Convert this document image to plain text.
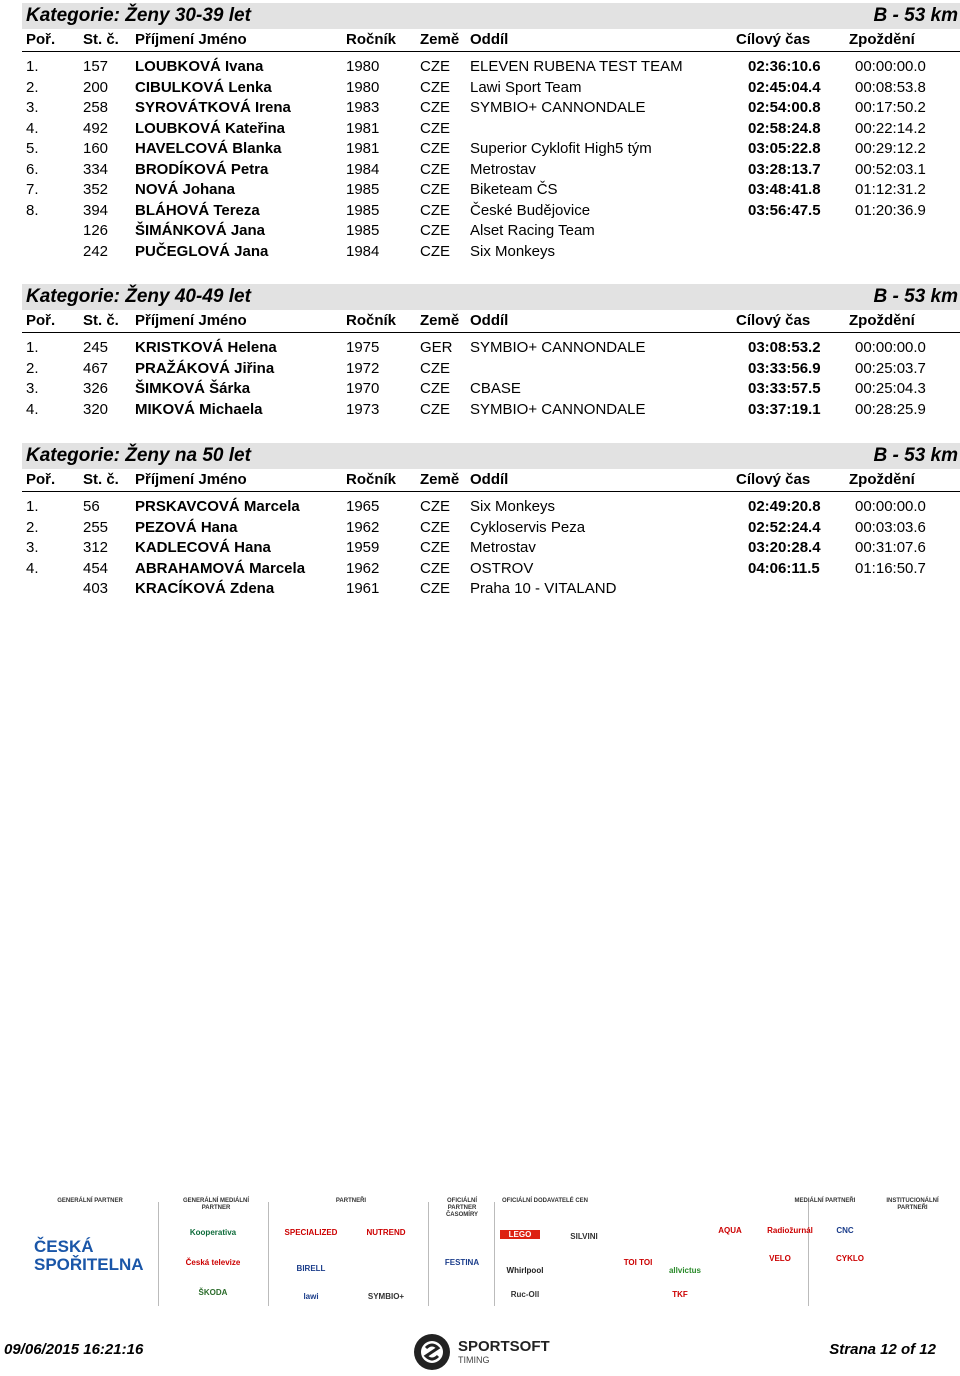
Kategorie: Ženy 30-39 let	B - 53 km
Poř. St. č. Příjmení Jméno	Ročník Země Oddíl	Cílový čas	Zpoždění
1.	157 LOUBKOVÁ Ivana	1980	CZE ELEVEN RUBENA TEST TEAM	02:36:10.6 00:00:00.0
2.	200 CIBULKOVÁ Lenka	1980	CZE Lawi Sport Team	02:45:04.4 00:08:53.8
3.	258 SYROVÁTKOVÁ Irena	1983	CZE SYMBIO+ CANNONDALE	02:54:00.8 00:17:50.2
4.	492 LOUBKOVÁ Kateřina	1981	CZE	02:58:24.8 00:22:14.2
5.	160 HAVELCOVÁ Blanka	1981	CZE Superior Cyklofit High5 tým	03:05:22.8 00:29:12.2
6.	334 BRODÍKOVÁ Petra	1984	CZE Metrostav	03:28:13.7 00:52:03.1
7.	352 NOVÁ Johana	1985	CZE Biketeam ČS	03:48:41.8 01:12:31.2
8.	394 BLÁHOVÁ Tereza	1985	CZE České Budějovice	03:56:47.5 01:20:36.9
126 ŠIMÁNKOVÁ Jana	1985	CZE Alset Racing Team
242 PUČEGLOVÁ Jana	1984	CZE Six Monkeys
Kategorie: Ženy 40-49 let	B - 53 km
Poř. St. č. Příjmení Jméno	Ročník Země Oddíl	Cílový čas	Zpoždění
1.	245 KRISTKOVÁ Helena	1975	GER SYMBIO+ CANNONDALE	03:08:53.2 00:00:00.0
2.	467 PRAŽÁKOVÁ Jiřina	1972	CZE	03:33:56.9 00:25:03.7
3.	326 ŠIMKOVÁ Šárka	1970	CZE CBASE	03:33:57.5 00:25:04.3
4.	320 MIKOVÁ Michaela	1973	CZE SYMBIO+ CANNONDALE	03:37:19.1 00:28:25.9
Kategorie: Ženy na 50 let	B - 53 km
Poř. St. č. Příjmení Jméno	Ročník Země Oddíl	Cílový čas	Zpoždění
1.	56 PRSKAVCOVÁ Marcela	1965	CZE Six Monkeys	02:49:20.8 00:00:00.0
2.	255 PEZOVÁ Hana	1962	CZE Cykloservis Peza	02:52:24.4 00:03:03.6
3.	312 KADLECOVÁ Hana	1959	CZE Metrostav	03:20:28.4 00:31:07.6
4.	454 ABRAHAMOVÁ Marcela	1962	CZE OSTROV	04:06:11.5 01:16:50.7
403 KRACÍKOVÁ Zdena	1961	CZE Praha 10 - VITALAND
GENERÁLNÍ PARTNER
ČESKÁ SPOŘITELNA
GENERÁLNÍ MEDIÁLNÍ PARTNER
Kooperativa
Česká televize
ŠKODA
PARTNEŘI
SPECIALIZED	NUTREND
BIRELL
lawi	SYMBIO+
OFICIÁLNÍ PARTNER ČASOMÍRY
FESTINA
OFICIÁLNÍ DODAVATELÉ CEN
LEGO	SILVINI
Whirlpool
TOI TOI
allvictus
TKF
Ruc-Oll
MEDIÁLNÍ PARTNEŘI
Radiožurnál	CNC
VELO	CYKLO
AQUA
INSTITUCIONÁLNÍ PARTNEŘI
09/06/2015 16:21:16	SPORTSOFT
TIMING
Strana 12 of 12
